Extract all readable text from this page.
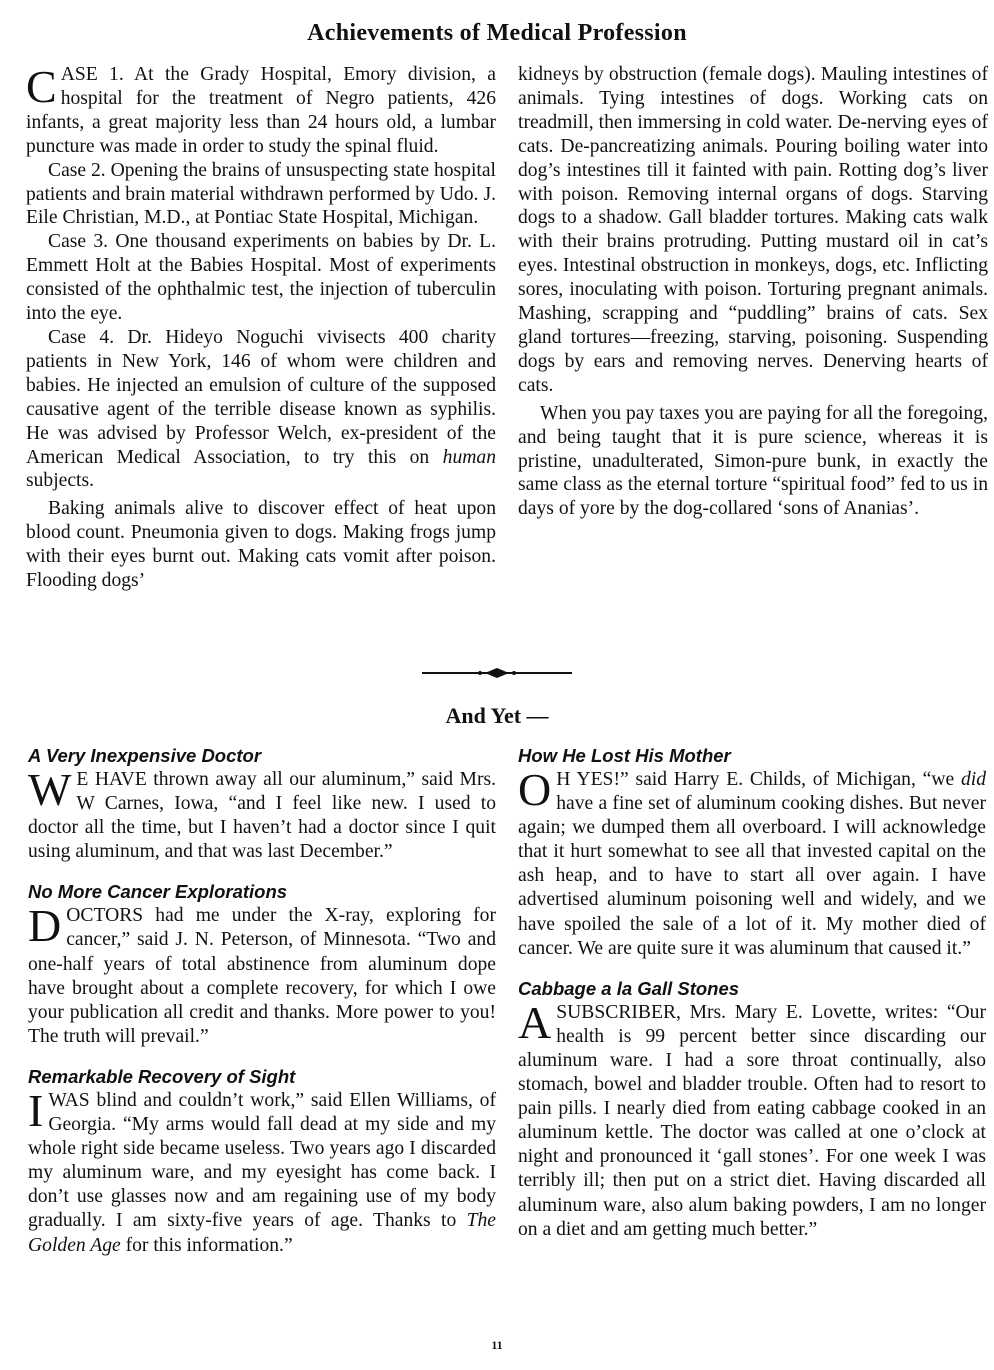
Achievements of Medical Profession

CASE 1. At the Grady Hospital, Emory division, a hospital for the treatment of Negro patients, 426 infants, a great majority less than 24 hours old, a lumbar puncture was made in order to study the spinal fluid.

Case 2. Opening the brains of unsuspecting state hospital patients and brain material withdrawn performed by Udo. J. Eile Christian, M.D., at Pontiac State Hospital, Michigan.

Case 3. One thousand experiments on babies by Dr. L. Emmett Holt at the Babies Hospital. Most of experiments consisted of the ophthalmic test, the injection of tuberculin into the eye.

Case 4. Dr. Hideyo Noguchi vivisects 400 charity patients in New York, 146 of whom were children and babies. He injected an emulsion of culture of the supposed causative agent of the terrible disease known as syphilis. He was advised by Professor Welch, ex-president of the American Medical Association, to try this on human subjects.

Baking animals alive to discover effect of heat upon blood count. Pneumonia given to dogs. Making frogs jump with their eyes burnt out. Making cats vomit after poison. Flooding dogs’

kidneys by obstruction (female dogs). Mauling intestines of animals. Tying intestines of dogs. Working cats on treadmill, then immersing in cold water. De-nerving eyes of cats. De-pancreatizing animals. Pouring boiling water into dog’s intestines till it fainted with pain. Rotting dog’s liver with poison. Removing internal organs of dogs. Starving dogs to a shadow. Gall bladder tortures. Making cats walk with their brains protruding. Putting mustard oil in cat’s eyes. Intestinal obstruction in monkeys, dogs, etc. Inflicting sores, inoculating with poison. Torturing pregnant animals. Mashing, scrapping and “puddling” brains of cats. Sex gland tortures—freezing, starving, poisoning. Suspending dogs by ears and removing nerves. Denerving hearts of cats.

When you pay taxes you are paying for all the foregoing, and being taught that it is pure science, whereas it is pristine, unadulterated, Simon-pure bunk, in exactly the same class as the eternal torture “spiritual food” fed to us in days of yore by the dog-collared ‘sons of Ananias’.

And Yet —
A Very Inexpensive Doctor

W E HAVE thrown away all our aluminum,” said Mrs. W Carnes, Iowa, “and I feel like new. I used to doctor all the time, but I haven’t had a doctor since I quit using aluminum, and that was last December.”

No More Cancer Explorations

DOCTORS had me under the X-ray, exploring for cancer,” said J. N. Peterson, of Minnesota. “Two and one-half years of total abstinence from aluminum dope have brought about a complete recovery, for which I owe your publication all credit and thanks. More power to you! The truth will prevail.”

Remarkable Recovery of Sight

I WAS blind and couldn’t work,” said Ellen Williams, of Georgia. “My arms would fall dead at my side and my whole right side became useless. Two years ago I discarded my aluminum ware, and my eyesight has come back. I don’t use glasses now and am regaining use of my body gradually. I am sixty-five years of age. Thanks to The Golden Age for this information.”

How He Lost His Mother

O H YES!” said Harry E. Childs, of Michigan, “we did have a fine set of aluminum cooking dishes. But never again; we dumped them all overboard. I will acknowledge that it hurt somewhat to see all that invested capital on the ash heap, and to have to start all over again. I have advertised aluminum poisoning well and widely, and we have spoiled the sale of a lot of it. My mother died of cancer. We are quite sure it was aluminum that caused it.”

Cabbage a la Gall Stones

A SUBSCRIBER, Mrs. Mary E. Lovette, writes: “Our health is 99 percent better since discarding our aluminum ware. I had a sore throat continually, also stomach, bowel and bladder trouble. Often had to resort to pain pills. I nearly died from eating cabbage cooked in an aluminum kettle. The doctor was called at one o’clock at night and pronounced it ‘gall stones’. For one week I was terribly ill; then put on a strict diet. Having discarded all aluminum ware, also alum baking powders, I am no longer on a diet and am getting much better.”

11
